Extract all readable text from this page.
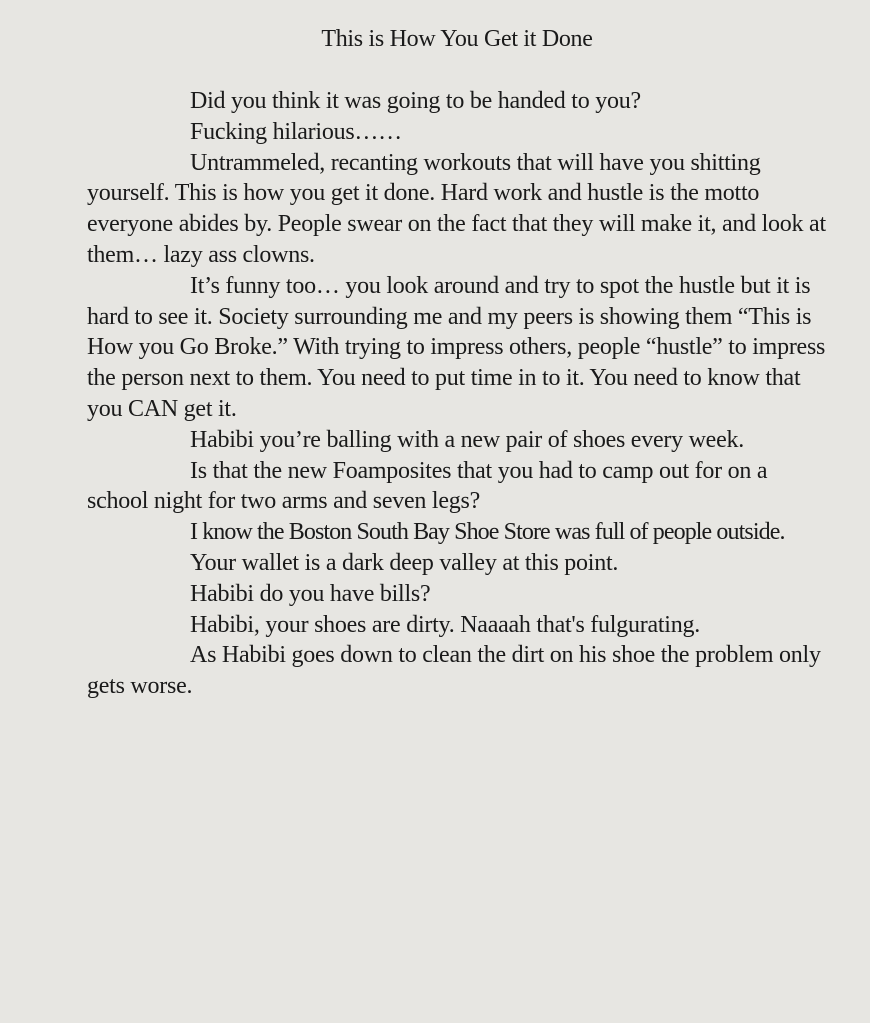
This is How You Get it Done

Did you think it was going to be handed to you?

Fucking hilarious……

Untrammeled, recanting workouts that will have you shitting yourself. This is how you get it done. Hard work and hustle is the motto everyone abides by. People swear on the fact that they will make it, and look at them… lazy ass clowns.

It’s funny too… you look around and try to spot the hustle but it is hard to see it. Society surrounding me and my peers is showing them “This is How you Go Broke.” With trying to impress others, people “hustle” to impress the person next to them. You need to put time in to it. You need to know that you CAN get it.

Habibi you’re balling with a new pair of shoes every week.

Is that the new Foamposites that you had to camp out for on a school night for two arms and seven legs?

I know the Boston South Bay Shoe Store was full of people outside.

Your wallet is a dark deep valley at this point.

Habibi do you have bills?

Habibi, your shoes are dirty. Naaaah that's fulgurating.

As Habibi goes down to clean the dirt on his shoe the problem only gets worse.
